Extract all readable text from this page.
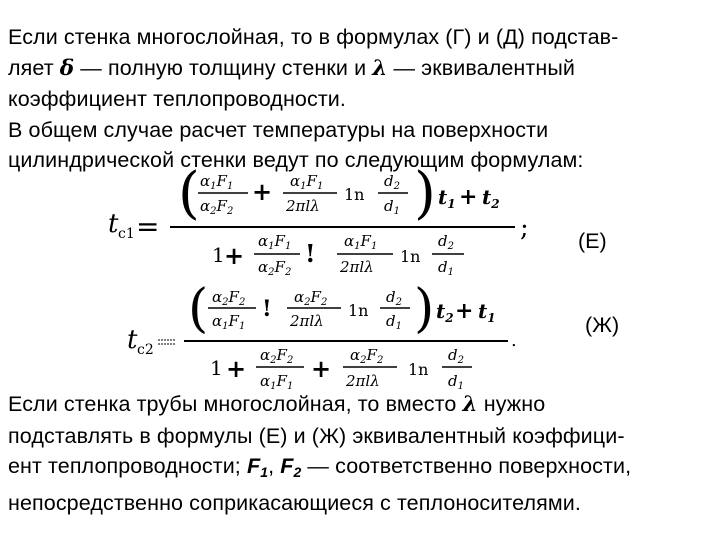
Если стенка многослойная, то в формулах (Г) и (Д) подстав-
ляет δ — полную толщину стенки и λ — эквивалентный
коэффициент теплопроводности.
В общем случае расчет температуры на поверхности
цилиндрической стенки ведут по следующим формулам:
t c1 =	;
( $\alpha_1F_1$
$\alpha_2F_2$
+ $\alpha_1F_1$
2πlλ
1n
$d_2$
$d_1$ ) $t_1 + t_2$
$1 + \alpha_1F_1$
$\alpha_2F_2$
! $\alpha_1F_1$
2πlλ
1n
$d_2$
$d_1$
t c2	.
( $\alpha_2F_2$
$\alpha_1F_1$
! $\alpha_2F_2$
2πlλ
1n
$d_2$
$d_1$ ) $t_2 + t_1$
$1 + \alpha_2F_2$
$\alpha_1F_1$
+ $\alpha_2F_2$
2πlλ
1n
$d_2$
$d_1$
(Е)
(Ж)
Если стенка трубы многослойная, то вместо λ нужно
подставлять в формулы (Е) и (Ж) эквивалентный коэффици-
ент теплопроводности; $F_1$, $F_2$ — соответственно поверхности,
непосредственно соприкасающиеся с теплоносителями.
